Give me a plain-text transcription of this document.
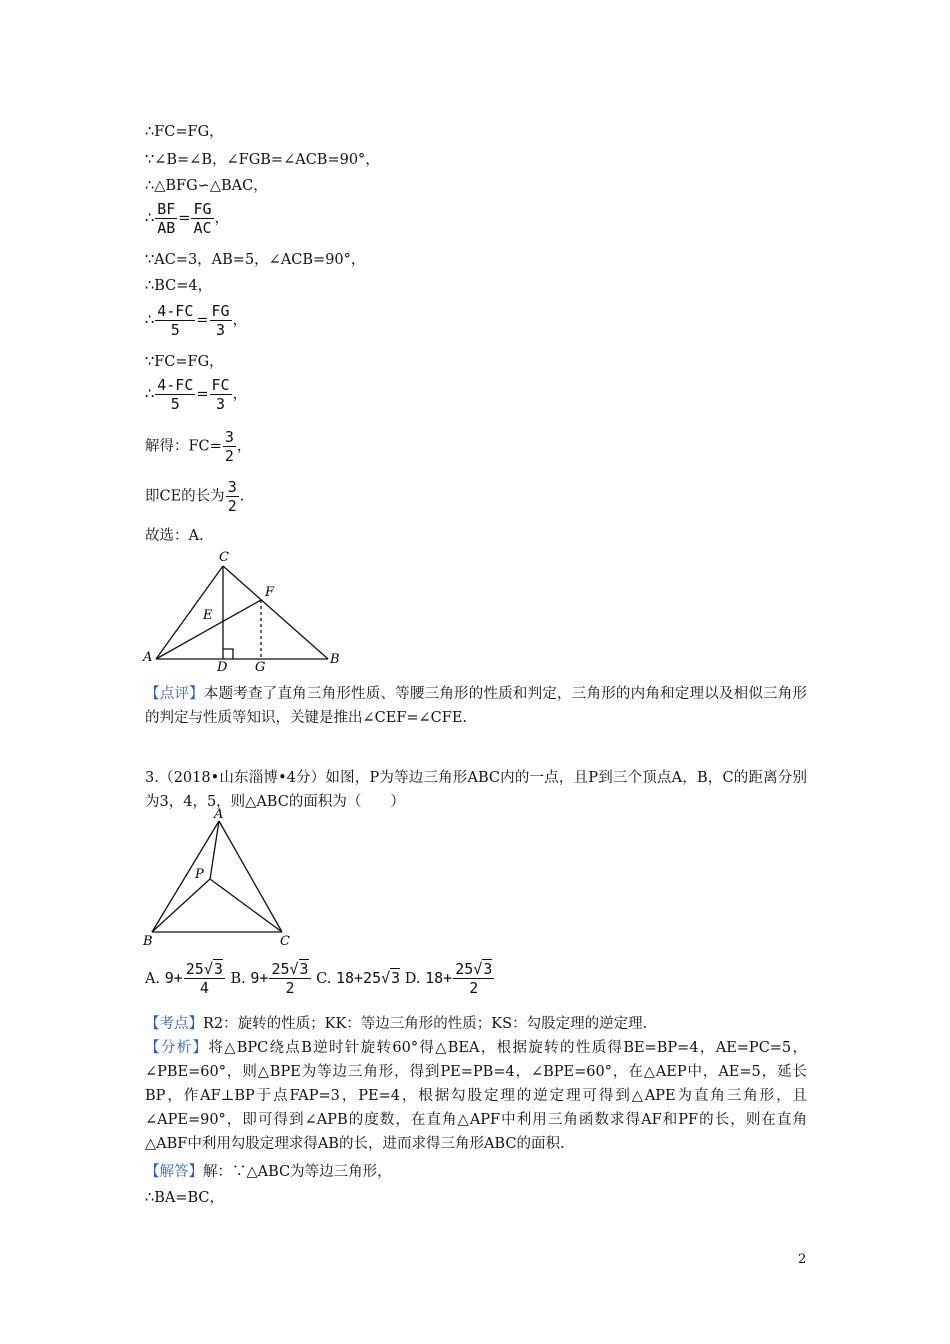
∴FC=FG，
∵∠B=∠B，∠FGB=∠ACB=90°，
∴△BFG∽△BAC，
∴ $\frac{BF}{AB} = \frac{FG}{AC}$ ，
∵AC=3，AB=5，∠ACB=90°，
∴BC=4，
∴ $\frac{4-FC}{5} = \frac{FG}{3}$ ，
∵FC=FG，
∴ $\frac{4-FC}{5} = \frac{FC}{3}$ ，
解得：$FC= \frac{3}{2}$ ，
即CE的长为 $\frac{3}{2}$ .
故选：A.
C
F
E
A
D G
B
【点评】本题考查了直角三角形性质、等腰三角形的性质和判定，三角形的内角和定理以及相似三角形的判定与性质等知识，关键是推出∠CEF=∠CFE.
3.（2018•山东淄博•4分）如图，P为等边三角形ABC内的一点，且P到三个顶点A，B，C的距离分别为3，4，5，则△ABC的面积为（　　）
A
P
B	C
A. $9+ \frac{25√3}{4} B$. $9+ \frac{25√3}{2} C$. 18+25√3 D. $18+ \frac{25√3}{2}$
【考点】R2：旋转的性质；KK：等边三角形的性质；KS：勾股定理的逆定理.
【分析】将△BPC绕点B逆时针旋转60°得△BEA，根据旋转的性质得BE=BP=4，AE=PC=5，∠PBE=60°，则△BPE为等边三角形，得到PE=PB=4，∠BPE=60°，在△AEP中，AE=5，延长BP，作AF⊥BP于点FAP=3，PE=4，根据勾股定理的逆定理可得到△APE为直角三角形，且∠APE=90°，即可得到∠APB的度数，在直角△APF中利用三角函数求得AF和PF的长，则在直角△ABF中利用勾股定理求得AB的长，进而求得三角形ABC的面积.
【解答】解：∵△ABC为等边三角形，
∴BA=BC，
2
